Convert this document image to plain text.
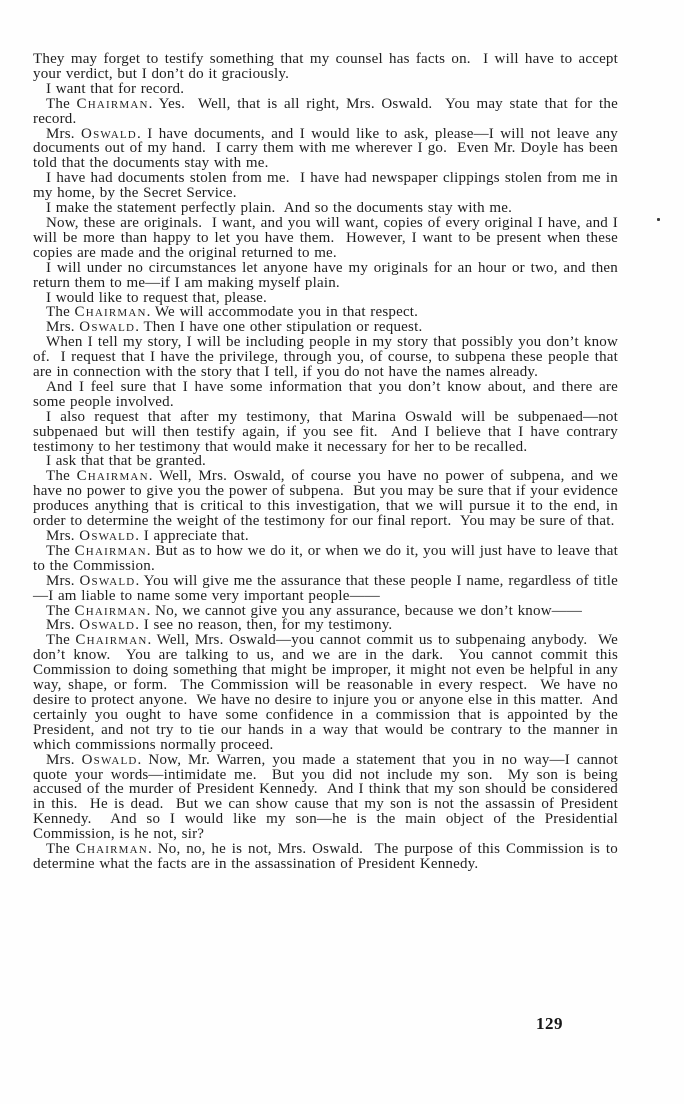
They may forget to testify something that my counsel has facts on.  I will have to accept your verdict, but I don’t do it graciously.

I want that for record.

The Chairman. Yes.  Well, that is all right, Mrs. Oswald.  You may state that for the record.

Mrs. Oswald. I have documents, and I would like to ask, please—I will not leave any documents out of my hand.  I carry them with me wherever I go.  Even Mr. Doyle has been told that the documents stay with me.

I have had documents stolen from me.  I have had newspaper clippings stolen from me in my home, by the Secret Service.

I make the statement perfectly plain.  And so the documents stay with me.

Now, these are originals.  I want, and you will want, copies of every original I have, and I will be more than happy to let you have them.  However, I want to be present when these copies are made and the original returned to me.

I will under no circumstances let anyone have my originals for an hour or two, and then return them to me—if I am making myself plain.

I would like to request that, please.

The Chairman. We will accommodate you in that respect.

Mrs. Oswald. Then I have one other stipulation or request.

When I tell my story, I will be including people in my story that possibly you don’t know of.  I request that I have the privilege, through you, of course, to subpena these people that are in connection with the story that I tell, if you do not have the names already.

And I feel sure that I have some information that you don’t know about, and there are some people involved.

I also request that after my testimony, that Marina Oswald will be subpenaed—not subpenaed but will then testify again, if you see fit.  And I believe that I have contrary testimony to her testimony that would make it necessary for her to be recalled.

I ask that that be granted.

The Chairman. Well, Mrs. Oswald, of course you have no power of subpena, and we have no power to give you the power of subpena.  But you may be sure that if your evidence produces anything that is critical to this investigation, that we will pursue it to the end, in order to determine the weight of the testimony for our final report.  You may be sure of that.

Mrs. Oswald. I appreciate that.

The Chairman. But as to how we do it, or when we do it, you will just have to leave that to the Commission.

Mrs. Oswald. You will give me the assurance that these people I name, regardless of title—I am liable to name some very important people——

The Chairman. No, we cannot give you any assurance, because we don’t know——

Mrs. Oswald. I see no reason, then, for my testimony.

The Chairman. Well, Mrs. Oswald—you cannot commit us to subpenaing anybody.  We don’t know.  You are talking to us, and we are in the dark.  You cannot commit this Commission to doing something that might be improper, it might not even be helpful in any way, shape, or form.  The Commission will be reasonable in every respect.  We have no desire to protect anyone.  We have no desire to injure you or anyone else in this matter.  And certainly you ought to have some confidence in a commission that is appointed by the President, and not try to tie our hands in a way that would be contrary to the manner in which commissions normally proceed.

Mrs. Oswald. Now, Mr. Warren, you made a statement that you in no way—I cannot quote your words—intimidate me.  But you did not include my son.  My son is being accused of the murder of President Kennedy.  And I think that my son should be considered in this.  He is dead.  But we can show cause that my son is not the assassin of President Kennedy.  And so I would like my son—he is the main object of the Presidential Commission, is he not, sir?

The Chairman. No, no, he is not, Mrs. Oswald.  The purpose of this Commission is to determine what the facts are in the assassination of President Kennedy.

129
